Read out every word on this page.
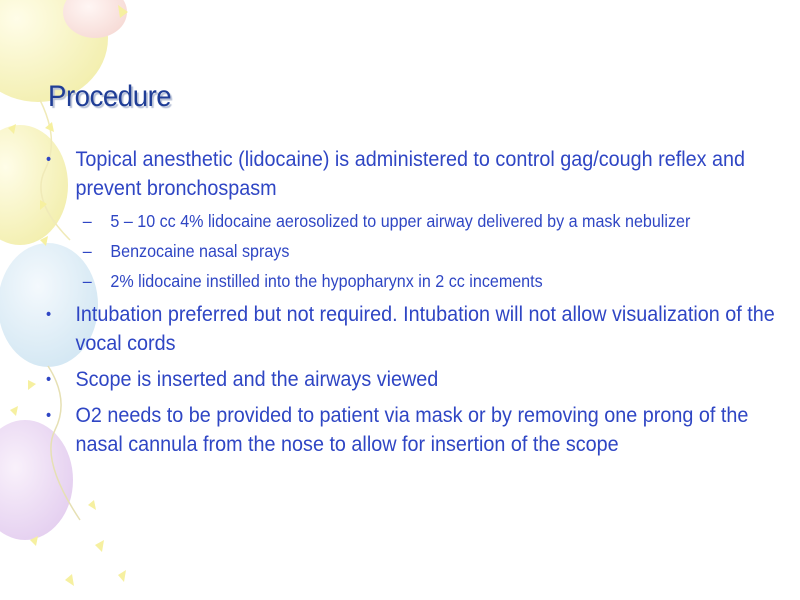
Procedure
•	Topical anesthetic (lidocaine) is administered to control gag/cough reflex and prevent bronchospasm
–	5 – 10 cc 4% lidocaine aerosolized to upper airway delivered by a mask nebulizer
–	Benzocaine nasal sprays
–	2% lidocaine instilled into the hypopharynx in 2 cc incements
•	Intubation preferred but not required. Intubation will not allow visualization of the vocal cords
•	Scope is inserted and the airways viewed
•	O2 needs to be provided to patient via mask or by removing one prong of the nasal cannula from the nose to allow for insertion of the scope
